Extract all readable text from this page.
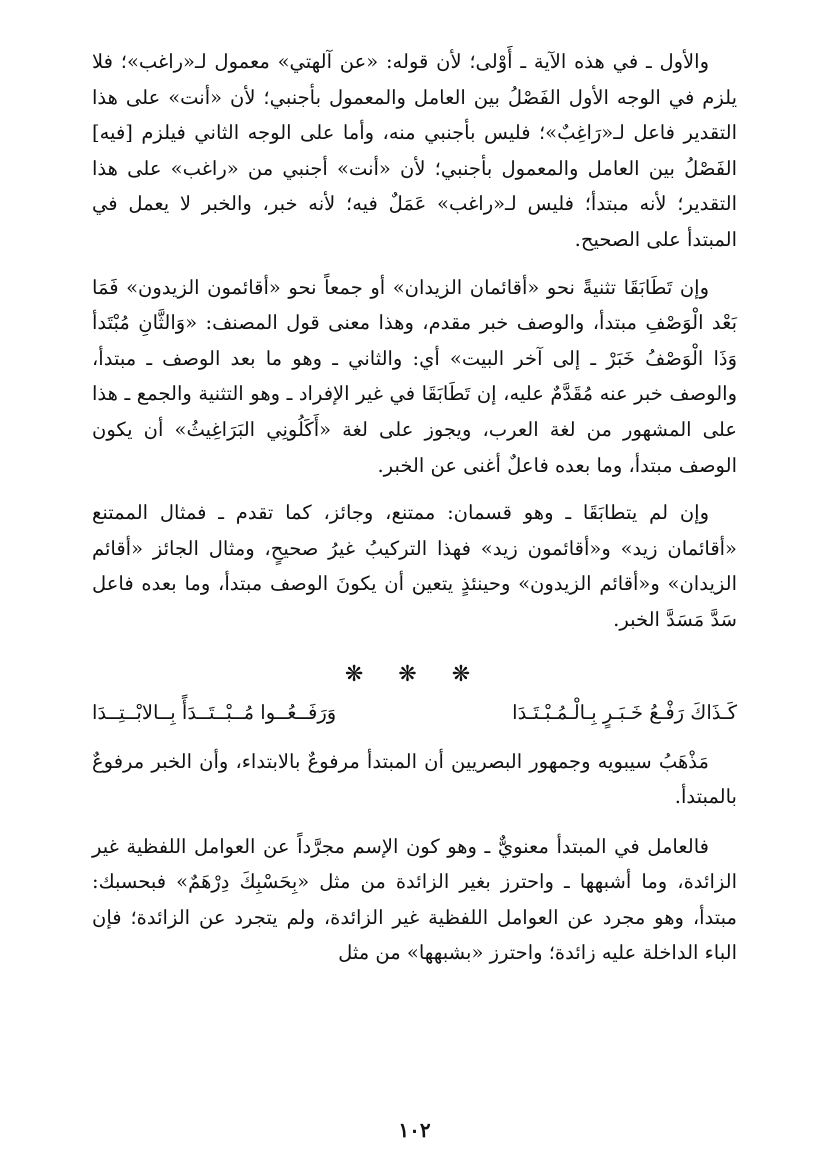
والأول ـ في هذه الآية ـ أَوْلى؛ لأن قوله: «عن آلهتي» معمول لـ«راغب»؛ فلا يلزم في الوجه الأول الفَصْلُ بين العامل والمعمول بأجنبي؛ لأن «أنت» على هذا التقدير فاعل لـ«رَاغِبٌ»؛ فليس بأجنبي منه، وأما على الوجه الثاني فيلزم [فيه] الفَصْلُ بين العامل والمعمول بأجنبي؛ لأن «أنت» أجنبي من «راغب» على هذا التقدير؛ لأنه مبتدأ؛ فليس لـ«راغب» عَمَلٌ فيه؛ لأنه خبر، والخبر لا يعمل في المبتدأ على الصحيح.

وإن تَطَابَقَا تثنيةً نحو «أقائمان الزيدان» أو جمعاً نحو «أقائمون الزيدون» فَمَا بَعْد الْوَصْفِ مبتدأ، والوصف خبر مقدم، وهذا معنى قول المصنف: «وَالثَّانِ مُبْتَدأ وَذَا الْوَصْفُ خَبَرْ ـ إلى آخر البيت» أي: والثاني ـ وهو ما بعد الوصف ـ مبتدأ، والوصف خبر عنه مُقَدَّمٌ عليه، إن تَطَابَقَا في غير الإفراد ـ وهو التثنية والجمع ـ هذا على المشهور من لغة العرب، ويجوز على لغة «أَكَلُونِي البَرَاغِيثُ» أن يكون الوصف مبتدأ، وما بعده فاعلٌ أغنى عن الخبر.

وإن لم يتطابَقَا ـ وهو قسمان: ممتنع، وجائز، كما تقدم ـ فمثال الممتنع «أقائمان زيد» و«أقائمون زيد» فهذا التركيبُ غيرُ صحيحٍ، ومثال الجائز «أقائم الزيدان» و«أقائم الزيدون» وحينئذٍ يتعين أن يكونَ الوصف مبتدأ، وما بعده فاعل سَدَّ مَسَدَّ الخبر.

❋ ❋ ❋
كَـذَاكَ رَفْـعُ خَـبَـرٍ بِـالْـمُـبْـتَـدَا
وَرَفَــعُــوا مُــبْــتَــدَأً بِــالابْــتِــدَا

مَذْهَبُ سيبويه وجمهور البصريين أن المبتدأ مرفوعٌ بالابتداء، وأن الخبر مرفوعٌ بالمبتدأ.

فالعامل في المبتدأ معنويٌّ ـ وهو كون الإسم مجرَّداً عن العوامل اللفظية غير الزائدة، وما أشبهها ـ واحترز بغير الزائدة من مثل «بِحَسْبِكَ دِرْهَمٌ» فبحسبك: مبتدأ، وهو مجرد عن العوامل اللفظية غير الزائدة، ولم يتجرد عن الزائدة؛ فإن الباء الداخلة عليه زائدة؛ واحترز «بشبهها» من مثل

١٠٢
